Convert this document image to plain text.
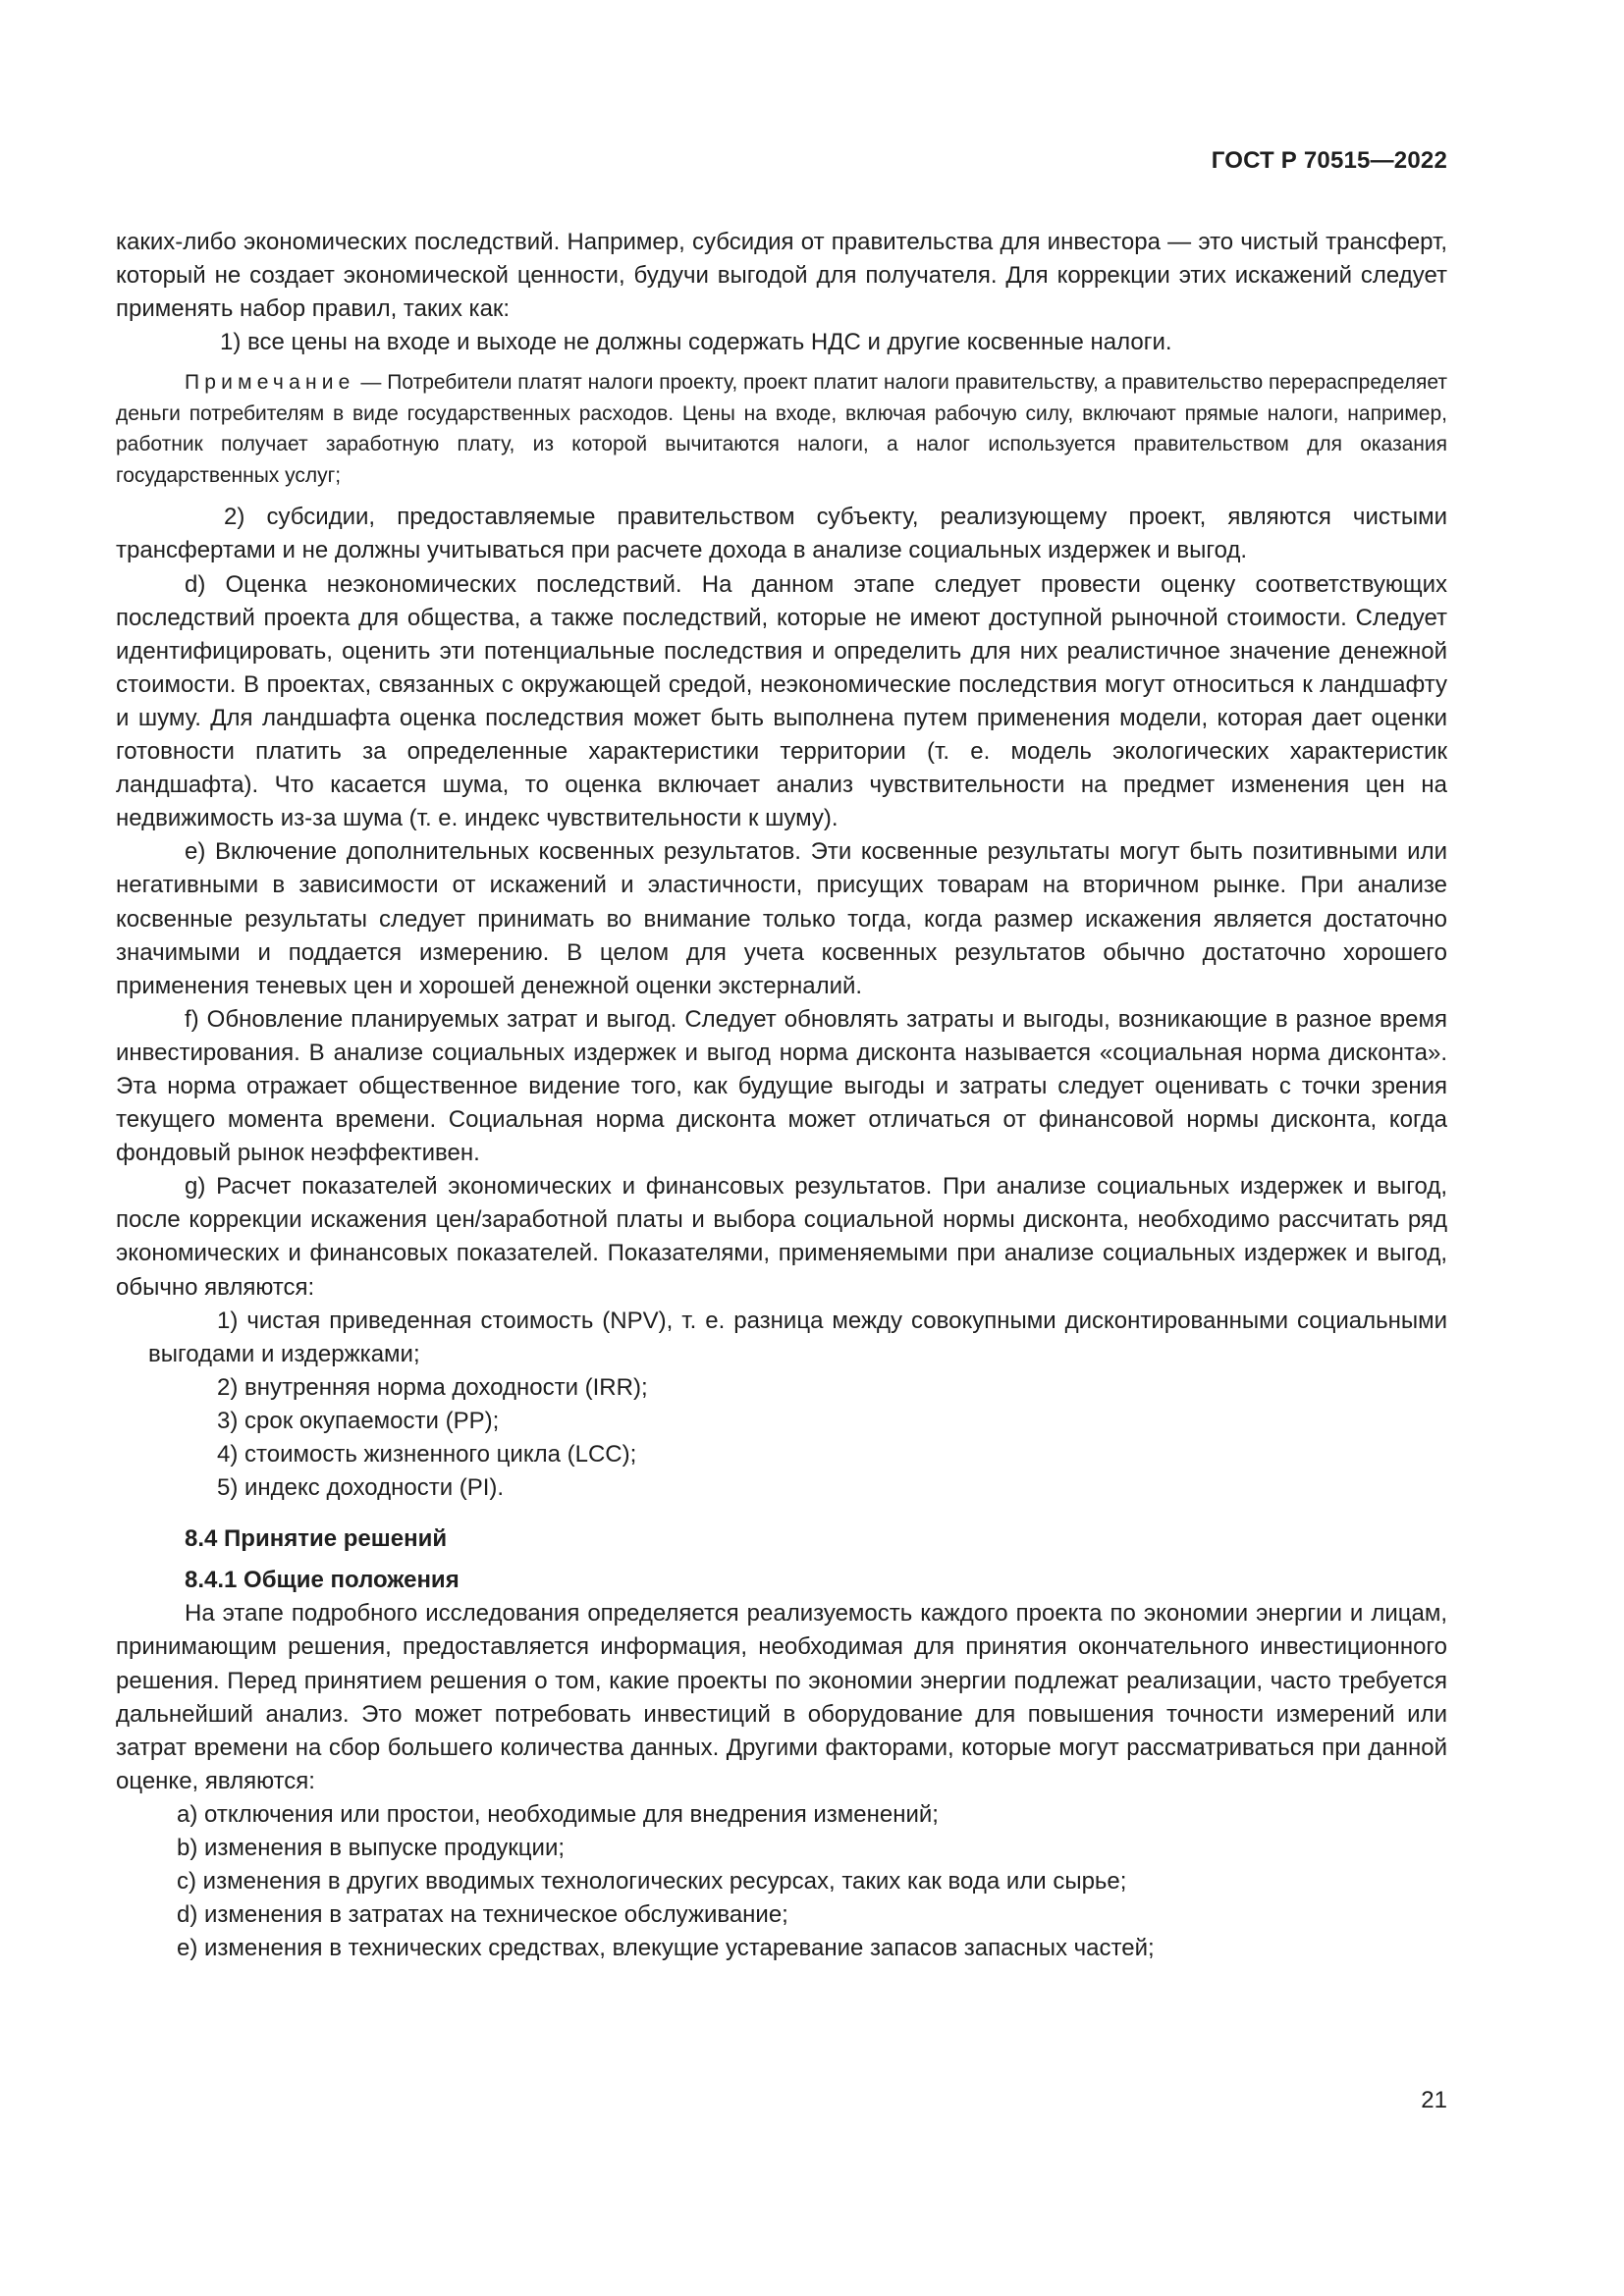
ГОСТ Р 70515—2022

каких-либо экономических последствий. Например, субсидия от правительства для инвестора — это чистый трансферт, который не создает экономической ценности, будучи выгодой для получателя. Для коррекции этих искажений следует применять набор правил, таких как:

1) все цены на входе и выходе не должны содержать НДС и другие косвенные налоги.

Примечание — Потребители платят налоги проекту, проект платит налоги правительству, а правительство перераспределяет деньги потребителям в виде государственных расходов. Цены на входе, включая рабочую силу, включают прямые налоги, например, работник получает заработную плату, из которой вычитаются налоги, а налог используется правительством для оказания государственных услуг;

2) субсидии, предоставляемые правительством субъекту, реализующему проект, являются чистыми трансфертами и не должны учитываться при расчете дохода в анализе социальных издержек и выгод.

d) Оценка неэкономических последствий. На данном этапе следует провести оценку соответствующих последствий проекта для общества, а также последствий, которые не имеют доступной рыночной стоимости. Следует идентифицировать, оценить эти потенциальные последствия и определить для них реалистичное значение денежной стоимости. В проектах, связанных с окружающей средой, неэкономические последствия могут относиться к ландшафту и шуму. Для ландшафта оценка последствия может быть выполнена путем применения модели, которая дает оценки готовности платить за определенные характеристики территории (т. е. модель экологических характеристик ландшафта). Что касается шума, то оценка включает анализ чувствительности на предмет изменения цен на недвижимость из-за шума (т. е. индекс чувствительности к шуму).

e) Включение дополнительных косвенных результатов. Эти косвенные результаты могут быть позитивными или негативными в зависимости от искажений и эластичности, присущих товарам на вторичном рынке. При анализе косвенные результаты следует принимать во внимание только тогда, когда размер искажения является достаточно значимыми и поддается измерению. В целом для учета косвенных результатов обычно достаточно хорошего применения теневых цен и хорошей денежной оценки экстерналий.

f) Обновление планируемых затрат и выгод. Следует обновлять затраты и выгоды, возникающие в разное время инвестирования. В анализе социальных издержек и выгод норма дисконта называется «социальная норма дисконта». Эта норма отражает общественное видение того, как будущие выгоды и затраты следует оценивать с точки зрения текущего момента времени. Социальная норма дисконта может отличаться от финансовой нормы дисконта, когда фондовый рынок неэффективен.

g) Расчет показателей экономических и финансовых результатов. При анализе социальных издержек и выгод, после коррекции искажения цен/заработной платы и выбора социальной нормы дисконта, необходимо рассчитать ряд экономических и финансовых показателей. Показателями, применяемыми при анализе социальных издержек и выгод, обычно являются:

1) чистая приведенная стоимость (NPV), т. е. разница между совокупными дисконтированными социальными выгодами и издержками;

2) внутренняя норма доходности (IRR);

3) срок окупаемости (PP);

4) стоимость жизненного цикла (LCC);

5) индекс доходности (PI).

8.4 Принятие решений

8.4.1 Общие положения

На этапе подробного исследования определяется реализуемость каждого проекта по экономии энергии и лицам, принимающим решения, предоставляется информация, необходимая для принятия окончательного инвестиционного решения. Перед принятием решения о том, какие проекты по экономии энергии подлежат реализации, часто требуется дальнейший анализ. Это может потребовать инвестиций в оборудование для повышения точности измерений или затрат времени на сбор большего количества данных. Другими факторами, которые могут рассматриваться при данной оценке, являются:

a) отключения или простои, необходимые для внедрения изменений;

b) изменения в выпуске продукции;

c) изменения в других вводимых технологических ресурсах, таких как вода или сырье;

d) изменения в затратах на техническое обслуживание;

e) изменения в технических средствах, влекущие устаревание запасов запасных частей;

21
